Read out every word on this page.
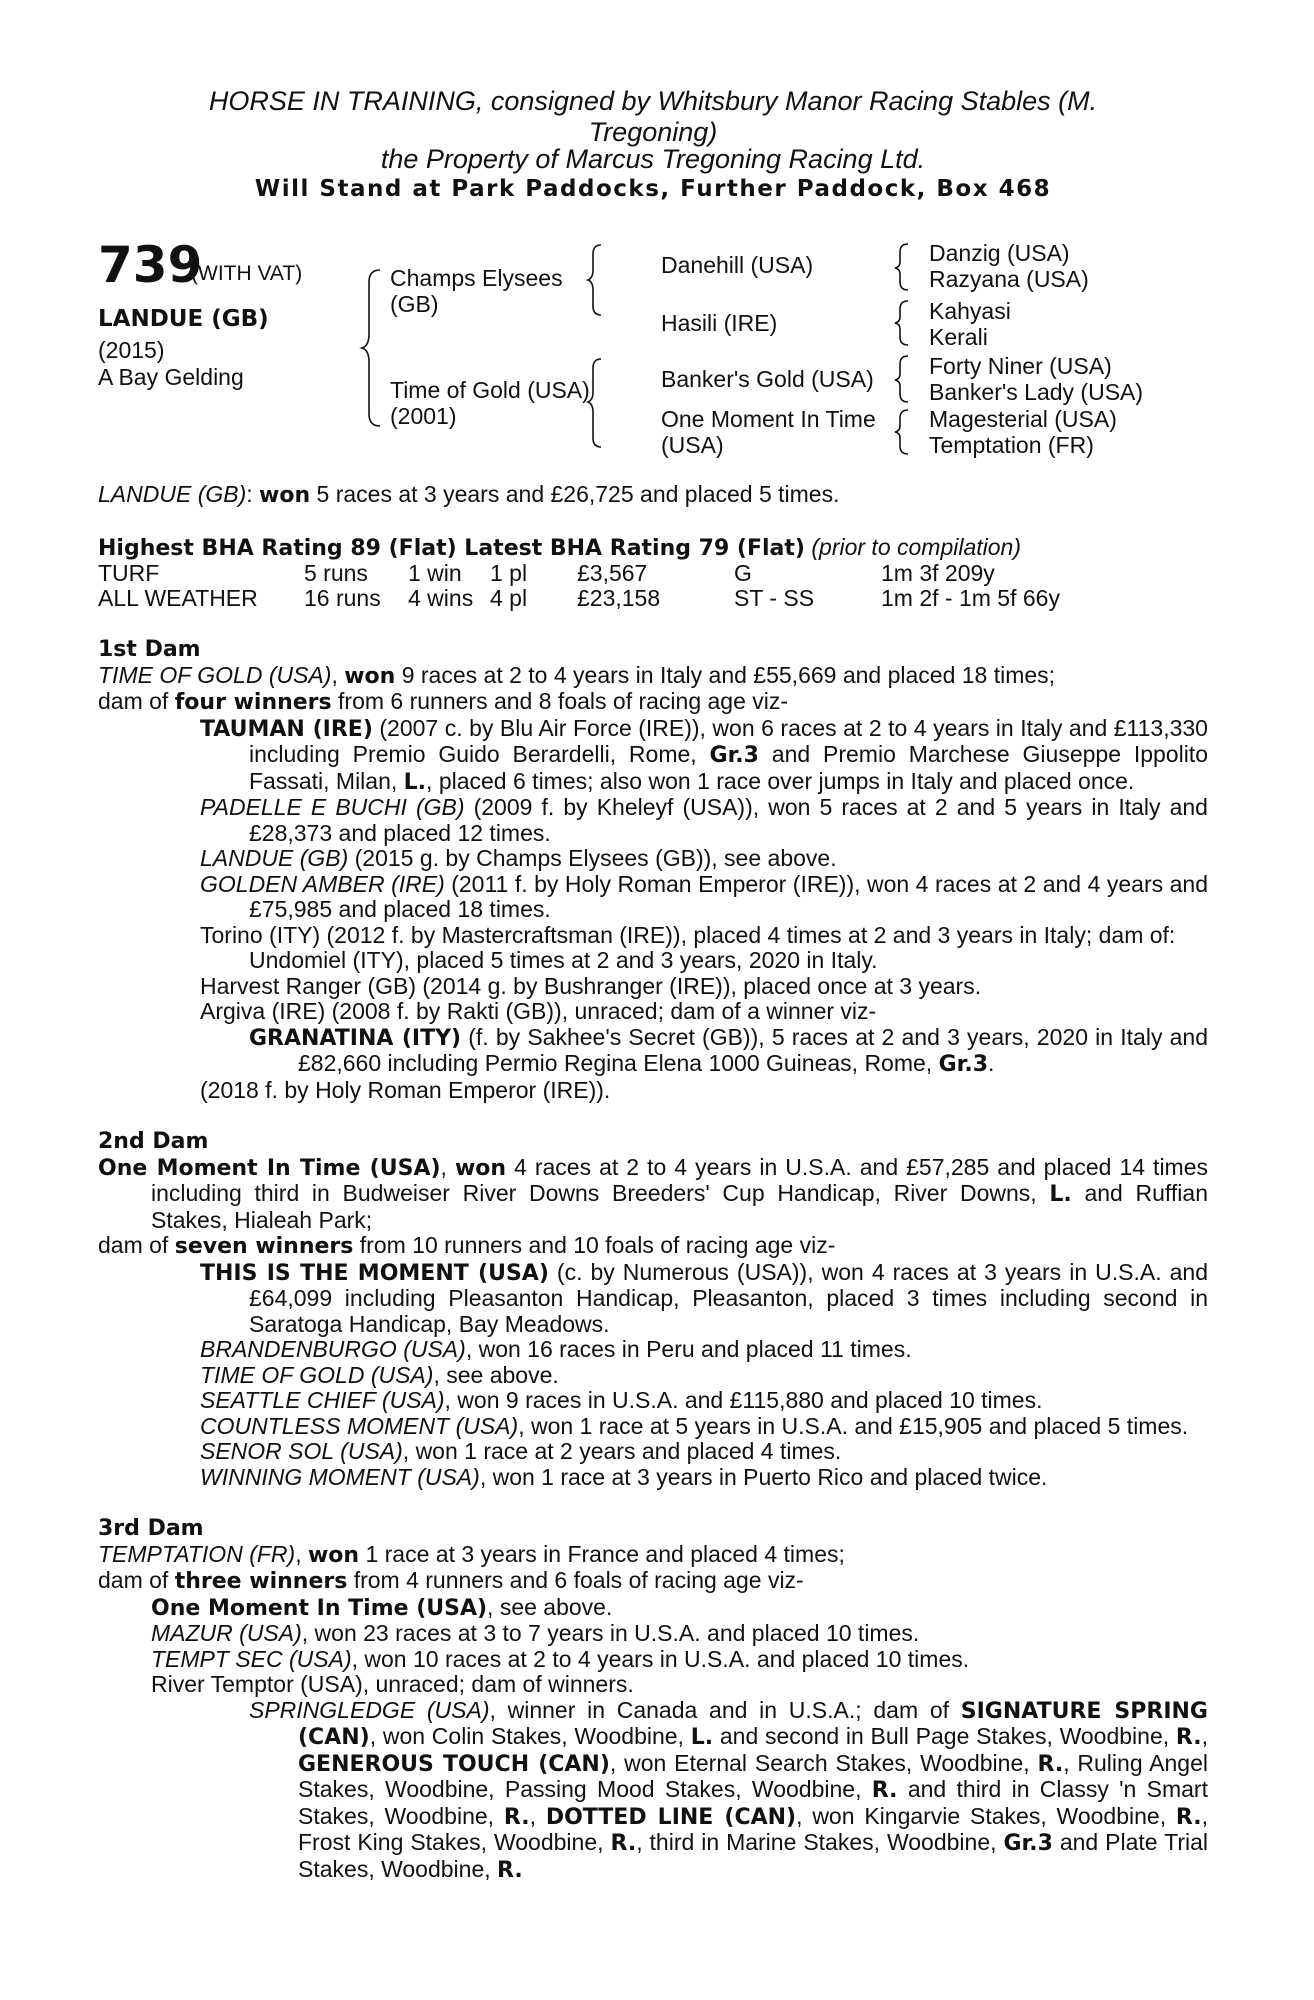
HORSE IN TRAINING, consigned by Whitsbury Manor Racing Stables (M.
Tregoning)
the Property of Marcus Tregoning Racing Ltd.
Will Stand at Park Paddocks, Further Paddock, Box 468
739
(WITH VAT)
LANDUE (GB)
(2015)
A Bay Gelding
Champs Elysees
(GB)
Time of Gold (USA)
(2001)
Danehill (USA)
Hasili (IRE)
Banker's Gold (USA)
One Moment In Time
(USA)
Danzig (USA)
Razyana (USA)
Kahyasi
Kerali
Forty Niner (USA)
Banker's Lady (USA)
Magesterial (USA)
Temptation (FR)

LANDUE (GB): won 5 races at 3 years and £26,725 and placed 5 times.

Highest BHA Rating 89 (Flat) Latest BHA Rating 79 (Flat) (prior to compilation)

TURF	5 runs	1 win	1 pl	£3,567	G	1m 3f 209y
ALL WEATHER	16 runs	4 wins	4 pl	£23,158	ST - SS	1m 2f - 1m 5f 66y

1st Dam

TIME OF GOLD (USA), won 9 races at 2 to 4 years in Italy and £55,669 and placed 18 times;

dam of four winners from 6 runners and 8 foals of racing age viz-

TAUMAN (IRE) (2007 c. by Blu Air Force (IRE)), won 6 races at 2 to 4 years in Italy and £113,330 including Premio Guido Berardelli, Rome, Gr.3 and Premio Marchese Giuseppe Ippolito Fassati, Milan, L., placed 6 times; also won 1 race over jumps in Italy and placed once.

PADELLE E BUCHI (GB) (2009 f. by Kheleyf (USA)), won 5 races at 2 and 5 years in Italy and £28,373 and placed 12 times.

LANDUE (GB) (2015 g. by Champs Elysees (GB)), see above.

GOLDEN AMBER (IRE) (2011 f. by Holy Roman Emperor (IRE)), won 4 races at 2 and 4 years and £75,985 and placed 18 times.

Torino (ITY) (2012 f. by Mastercraftsman (IRE)), placed 4 times at 2 and 3 years in Italy; dam of:

Undomiel (ITY), placed 5 times at 2 and 3 years, 2020 in Italy.

Harvest Ranger (GB) (2014 g. by Bushranger (IRE)), placed once at 3 years.

Argiva (IRE) (2008 f. by Rakti (GB)), unraced; dam of a winner viz-

GRANATINA (ITY) (f. by Sakhee's Secret (GB)), 5 races at 2 and 3 years, 2020 in Italy and £82,660 including Permio Regina Elena 1000 Guineas, Rome, Gr.3.

(2018 f. by Holy Roman Emperor (IRE)).

2nd Dam

One Moment In Time (USA), won 4 races at 2 to 4 years in U.S.A. and £57,285 and placed 14 times including third in Budweiser River Downs Breeders' Cup Handicap, River Downs, L. and Ruffian Stakes, Hialeah Park;

dam of seven winners from 10 runners and 10 foals of racing age viz-

THIS IS THE MOMENT (USA) (c. by Numerous (USA)), won 4 races at 3 years in U.S.A. and £64,099 including Pleasanton Handicap, Pleasanton, placed 3 times including second in Saratoga Handicap, Bay Meadows.

BRANDENBURGO (USA), won 16 races in Peru and placed 11 times.

TIME OF GOLD (USA), see above.

SEATTLE CHIEF (USA), won 9 races in U.S.A. and £115,880 and placed 10 times.

COUNTLESS MOMENT (USA), won 1 race at 5 years in U.S.A. and £15,905 and placed 5 times.

SENOR SOL (USA), won 1 race at 2 years and placed 4 times.

WINNING MOMENT (USA), won 1 race at 3 years in Puerto Rico and placed twice.

3rd Dam

TEMPTATION (FR), won 1 race at 3 years in France and placed 4 times;

dam of three winners from 4 runners and 6 foals of racing age viz-

One Moment In Time (USA), see above.

MAZUR (USA), won 23 races at 3 to 7 years in U.S.A. and placed 10 times.

TEMPT SEC (USA), won 10 races at 2 to 4 years in U.S.A. and placed 10 times.

River Temptor (USA), unraced; dam of winners.

SPRINGLEDGE (USA), winner in Canada and in U.S.A.; dam of SIGNATURE SPRING (CAN), won Colin Stakes, Woodbine, L. and second in Bull Page Stakes, Woodbine, R., GENEROUS TOUCH (CAN), won Eternal Search Stakes, Woodbine, R., Ruling Angel Stakes, Woodbine, Passing Mood Stakes, Woodbine, R. and third in Classy 'n Smart Stakes, Woodbine, R., DOTTED LINE (CAN), won Kingarvie Stakes, Woodbine, R., Frost King Stakes, Woodbine, R., third in Marine Stakes, Woodbine, Gr.3 and Plate Trial Stakes, Woodbine, R.
